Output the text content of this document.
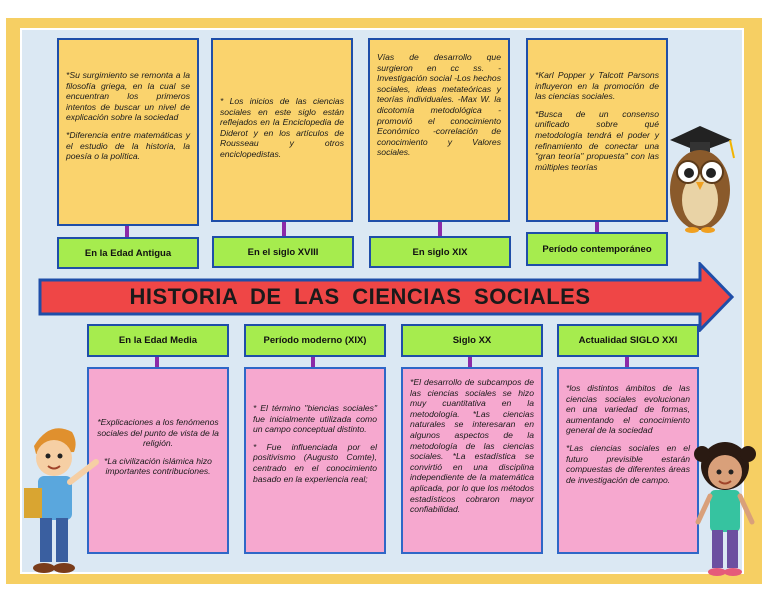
*Su surgimiento se remonta a la filosofía griega, en la cual se encuentran los primeros intentos de buscar un nivel de explicación sobre la sociedad

*Diferencia entre matemáticas y el estudio de la historia, la poesía o la política.

* Los inicios de las ciencias sociales en este siglo están reflejados en la Enciclopedia de Diderot y en los artículos de Rousseau y otros enciclopedistas.

Vías de desarrollo que surgieron en cc ss. -Investigación social -Los hechos sociales, ideas metateóricas y teorías individuales. -Max W. la dicotomía metodológica -promovió el conocimiento Económico -correlación de conocimiento y Valores sociales.

*Karl Popper y Talcott Parsons influyeron en la promoción de las ciencias sociales.

*Busca de un consenso unificado sobre qué metodología tendrá el poder y refinamiento de conectar una "gran teoría" propuesta" con las múltiples teorías

En la Edad Antigua	En el siglo XVIII	En siglo XIX	Período contemporáneo
HISTORIA DE LAS CIENCIAS SOCIALES
En la Edad Media	Período moderno (XIX)	Siglo XX	Actualidad SIGLO XXI

*Explicaciones a los fenómenos sociales del punto de vista de la religión.

*La civilización islámica hizo importantes contribuciones.

* El término "biencias sociales" fue inicialmente utilizada como un campo conceptual distinto.

* Fue influenciada por el positivismo (Augusto Comte), centrado en el conocimiento basado en la experiencia real;

*El desarrollo de subcampos de las ciencias sociales se hizo muy cuantitativa en la metodología. *Las ciencias naturales se interesaran en algunos aspectos de la metodología de las ciencias sociales. *La estadística se convirtió en una disciplina independiente de la matemática aplicada, por lo que los métodos estadísticos cobraron mayor confiabilidad.

*los distintos ámbitos de las ciencias sociales evolucionan en una variedad de formas, aumentando el conocimiento general de la sociedad

*Las ciencias sociales en el futuro previsible estarán compuestas de diferentes áreas de investigación de campo.
